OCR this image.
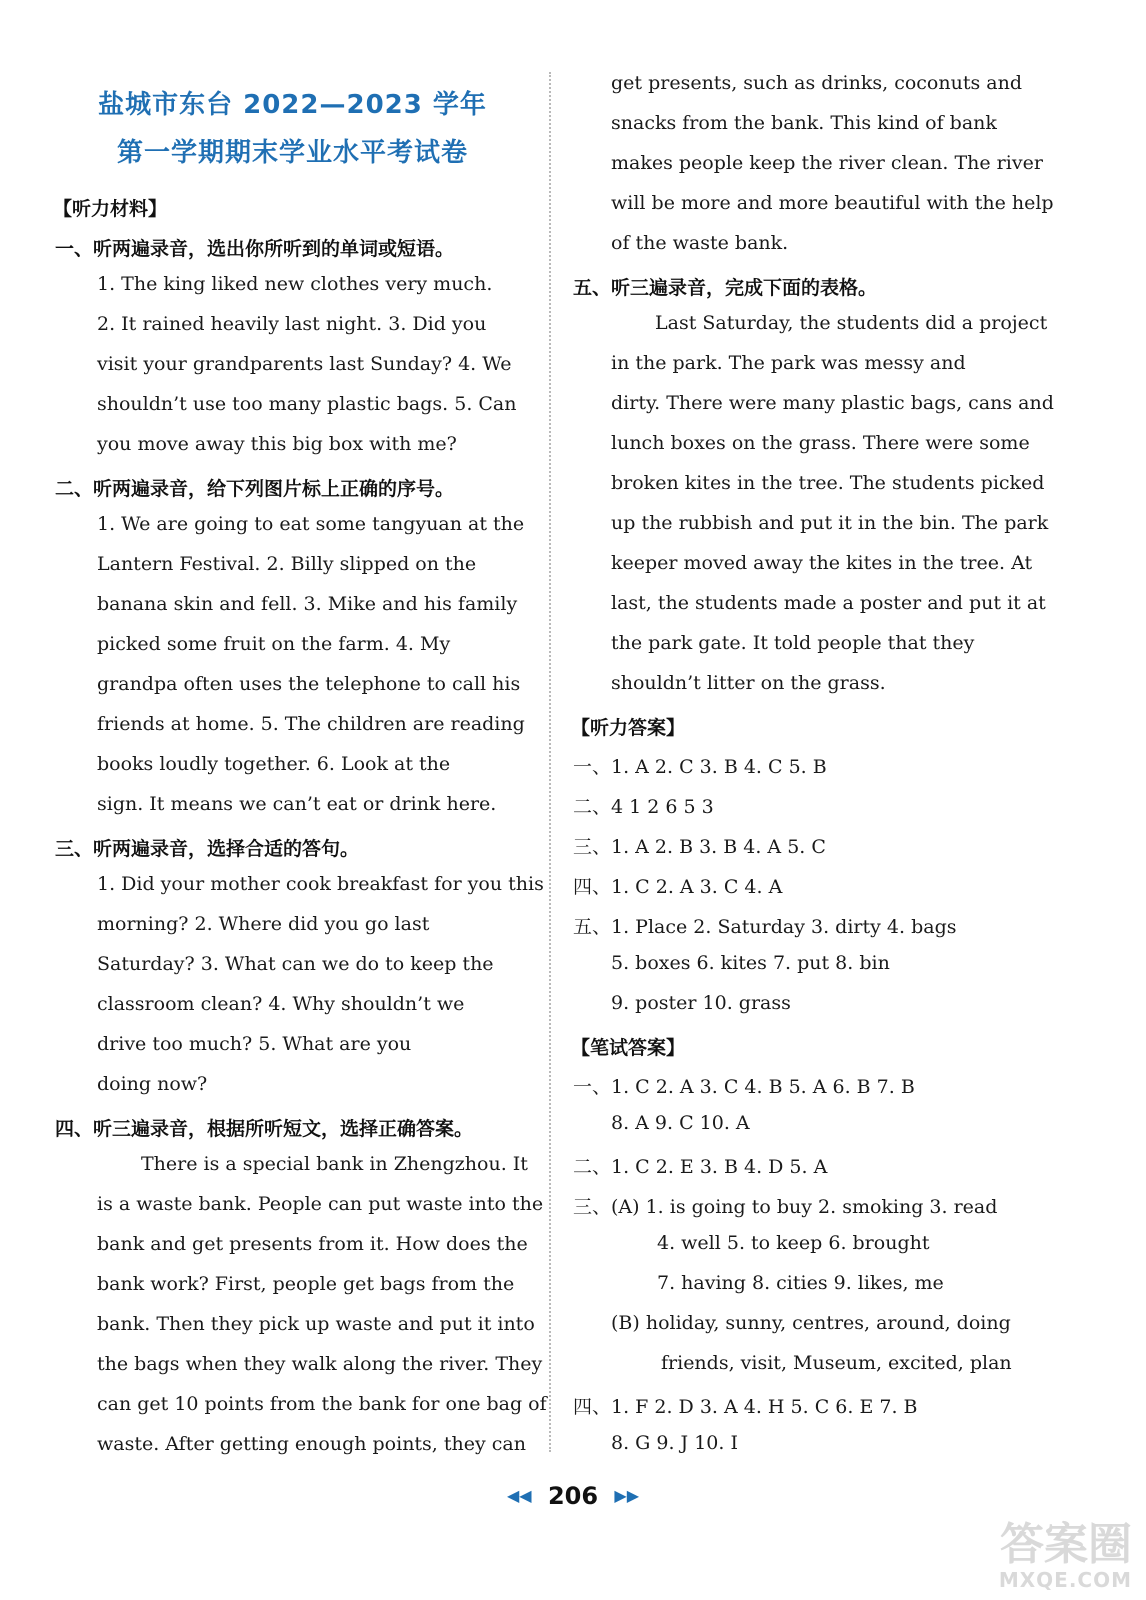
盐城市东台 2022—2023 学年
第一学期期末学业水平考试卷
【听力材料】
一、听两遍录音，选出你所听到的单词或短语。
1. The king liked new clothes very much.
2. It rained heavily last night. 3. Did you
visit your grandparents last Sunday? 4. We
shouldn’t use too many plastic bags. 5. Can
you move away this big box with me?
二、听两遍录音，给下列图片标上正确的序号。
1. We are going to eat some tangyuan at the
Lantern Festival. 2. Billy slipped on the
banana skin and fell. 3. Mike and his family
picked some fruit on the farm. 4. My
grandpa often uses the telephone to call his
friends at home. 5. The children are reading
books loudly together. 6. Look at the
sign. It means we can’t eat or drink here.
三、听两遍录音，选择合适的答句。
1. Did your mother cook breakfast for you this
morning? 2. Where did you go last
Saturday? 3. What can we do to keep the
classroom clean? 4. Why shouldn’t we
drive too much? 5. What are you
doing now?
四、听三遍录音，根据所听短文，选择正确答案。
There is a special bank in Zhengzhou. It
is a waste bank. People can put waste into the
bank and get presents from it. How does the
bank work? First, people get bags from the
bank. Then they pick up waste and put it into
the bags when they walk along the river. They
can get 10 points from the bank for one bag of
waste. After getting enough points, they can
get presents, such as drinks, coconuts and
snacks from the bank. This kind of bank
makes people keep the river clean. The river
will be more and more beautiful with the help
of the waste bank.
五、听三遍录音，完成下面的表格。
Last Saturday, the students did a project
in the park. The park was messy and
dirty. There were many plastic bags, cans and
lunch boxes on the grass. There were some
broken kites in the tree. The students picked
up the rubbish and put it in the bin. The park
keeper moved away the kites in the tree. At
last, the students made a poster and put it at
the park gate. It told people that they
shouldn’t litter on the grass.
【听力答案】
一、1. A 2. C 3. B 4. C 5. B
二、4 1 2 6 5 3
三、1. A 2. B 3. B 4. A 5. C
四、1. C 2. A 3. C 4. A
五、1. Place 2. Saturday 3. dirty 4. bags
5. boxes 6. kites 7. put 8. bin
9. poster 10. grass
【笔试答案】
一、1. C 2. A 3. C 4. B 5. A 6. B 7. B
8. A 9. C 10. A
二、1. C 2. E 3. B 4. D 5. A
三、(A) 1. is going to buy 2. smoking 3. read
4. well 5. to keep 6. brought
7. having 8. cities 9. likes, me
(B) holiday, sunny, centres, around, doing
friends, visit, Museum, excited, plan
四、1. F 2. D 3. A 4. H 5. C 6. E 7. B
8. G 9. J 10. I
◀◀ 206 ▶▶
答案圈
MXQE.COM
